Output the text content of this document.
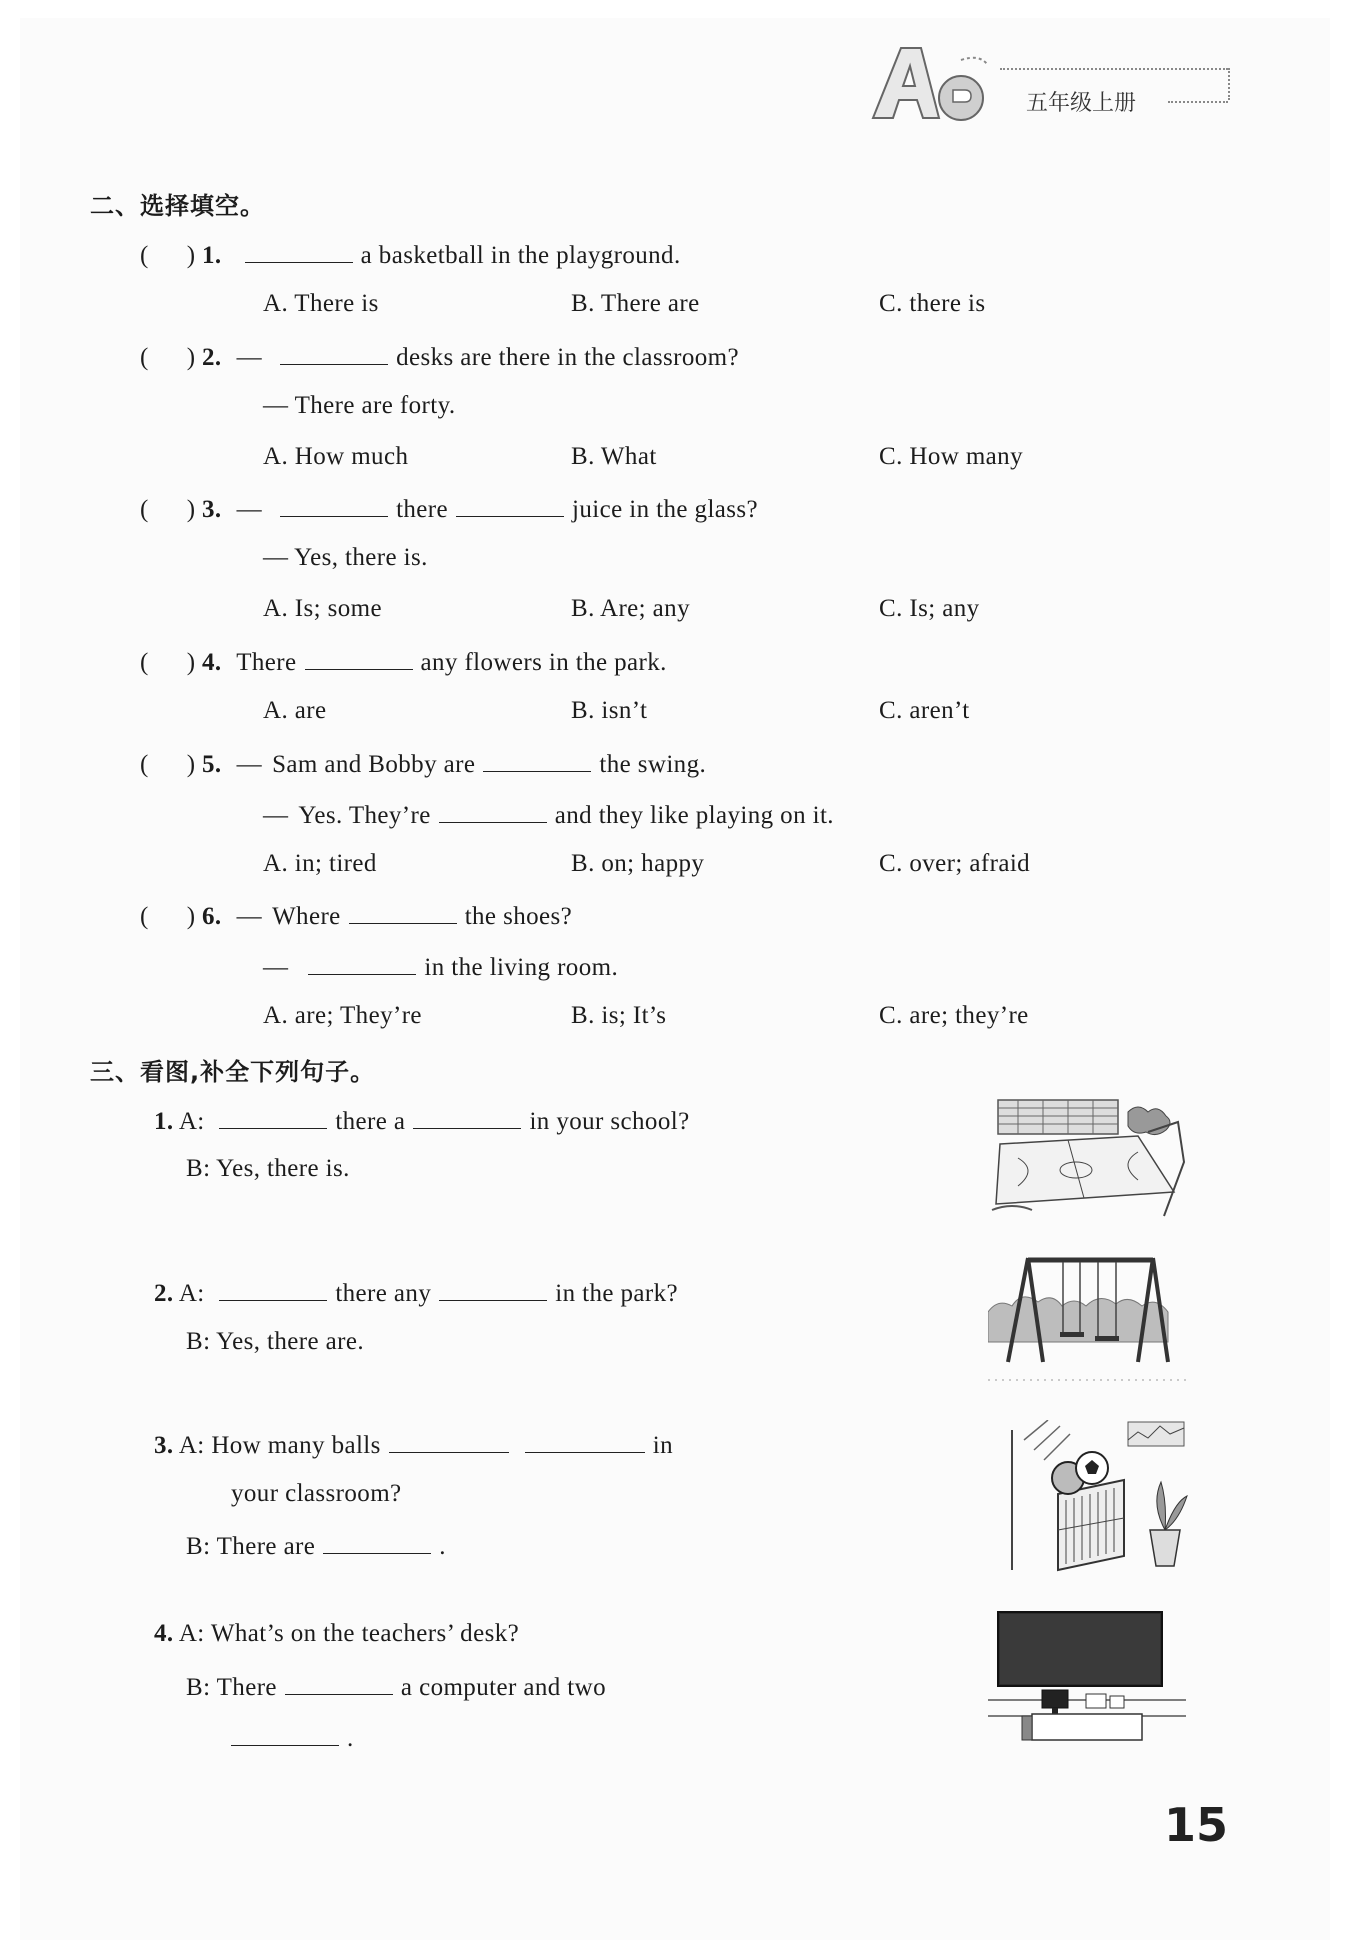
五年级上册
二、选择填空。
( ) 1.	a basketball in the playground.
A. There is	B. There are	C. there is
( ) 2. —	desks are there in the classroom?
— There are forty.
A. How much	B. What	C. How many
( ) 3. —	there	juice in the glass?
— Yes, there is.
A. Is; some	B. Are; any	C. Is; any
( ) 4. There	any flowers in the park.
A. are	B. isn’t	C. aren’t
( ) 5. — Sam and Bobby are	the swing.
— Yes. They’re	and they like playing on it.
A. in; tired	B. on; happy	C. over; afraid
( ) 6. — Where	the shoes?
—	in the living room.
A. are; They’re	B. is; It’s	C. are; they’re
三、看图,补全下列句子。
1. A:	there a	in your school?
B: Yes, there is.
2. A:	there any	in the park?
B: Yes, there are.
3. A: How many balls	in
your classroom?
B: There are	.
4. A: What’s on the teachers’ desk?
B: There	a computer and two
.
15
